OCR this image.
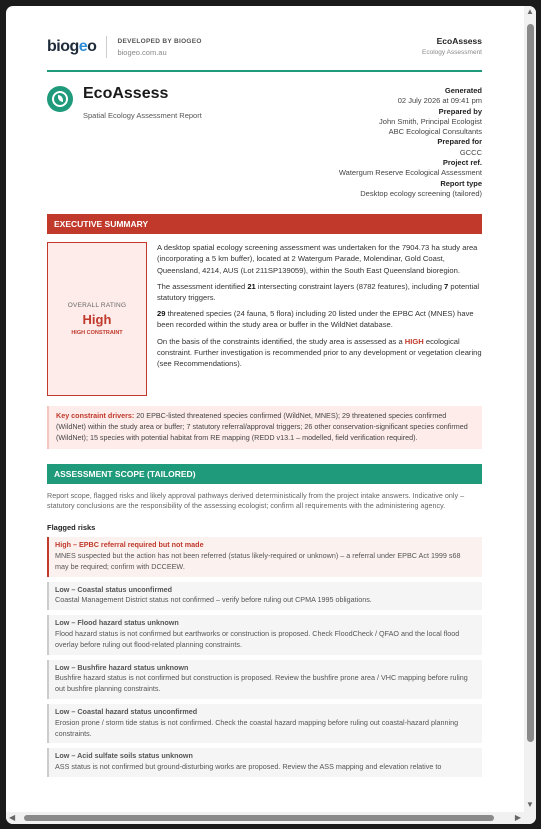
biogeo	DEVELOPED BY BIOGEO
biogeo.com.au
EcoAssess
Ecology Assessment
EcoAssess
Spatial Ecology Assessment Report
Generated
02 July 2026 at 09:41 pm
Prepared by
John Smith, Principal Ecologist
ABC Ecological Consultants
Prepared for
GCCC
Project ref.
Watergum Reserve Ecological Assessment
Report type
Desktop ecology screening (tailored)
EXECUTIVE SUMMARY
OVERALL RATING
High
HIGH CONSTRAINT

A desktop spatial ecology screening assessment was undertaken for the 7904.73 ha study area (incorporating a 5 km buffer), located at 2 Watergum Parade, Molendinar, Gold Coast, Queensland, 4214, AUS (Lot 211SP139059), within the South East Queensland bioregion.

The assessment identified 21 intersecting constraint layers (8782 features), including 7 potential statutory triggers.

29 threatened species (24 fauna, 5 flora) including 20 listed under the EPBC Act (MNES) have been recorded within the study area or buffer in the WildNet database.

On the basis of the constraints identified, the study area is assessed as a HIGH ecological constraint. Further investigation is recommended prior to any development or vegetation clearing (see Recommendations).

Key constraint drivers: 20 EPBC-listed threatened species confirmed (WildNet, MNES); 29 threatened species confirmed (WildNet) within the study area or buffer; 7 statutory referral/approval triggers; 26 other conservation-significant species confirmed (WildNet); 15 species with potential habitat from RE mapping (REDD v13.1 – modelled, field verification required).
ASSESSMENT SCOPE (TAILORED)
Report scope, flagged risks and likely approval pathways derived deterministically from the project intake answers. Indicative only – statutory conclusions are the responsibility of the assessing ecologist; confirm all requirements with the administering agency.
Flagged risks
High – EPBC referral required but not made
MNES suspected but the action has not been referred (status likely-required or unknown) – a referral under EPBC Act 1999 s68 may be required; confirm with DCCEEW.
Low – Coastal status unconfirmed
Coastal Management District status not confirmed – verify before ruling out CPMA 1995 obligations.
Low – Flood hazard status unknown
Flood hazard status is not confirmed but earthworks or construction is proposed. Check FloodCheck / QFAO and the local flood overlay before ruling out flood-related planning constraints.
Low – Bushfire hazard status unknown
Bushfire hazard status is not confirmed but construction is proposed. Review the bushfire prone area / VHC mapping before ruling out bushfire planning constraints.
Low – Coastal hazard status unconfirmed
Erosion prone / storm tide status is not confirmed. Check the coastal hazard mapping before ruling out coastal-hazard planning constraints.
Low – Acid sulfate soils status unknown
ASS status is not confirmed but ground-disturbing works are proposed. Review the ASS mapping and elevation relative to
▲
▼
◀	▶
